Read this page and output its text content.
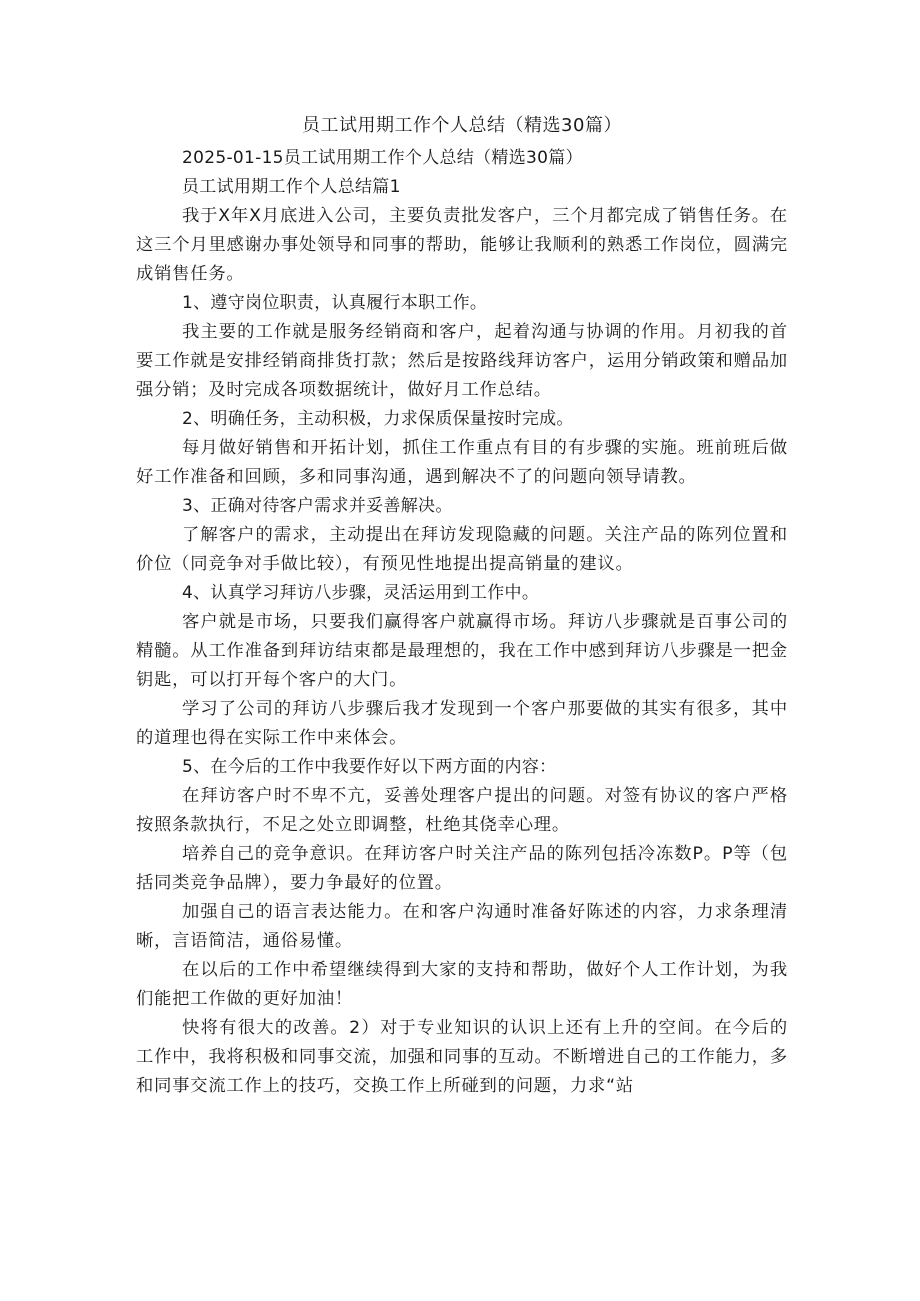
员工试用期工作个人总结（精选30篇）

2025-01-15员工试用期工作个人总结（精选30篇）

员工试用期工作个人总结篇1

我于X年X月底进入公司，主要负责批发客户，三个月都完成了销售任务。在这三个月里感谢办事处领导和同事的帮助，能够让我顺利的熟悉工作岗位，圆满完成销售任务。

1、遵守岗位职责，认真履行本职工作。

我主要的工作就是服务经销商和客户，起着沟通与协调的作用。月初我的首要工作就是安排经销商排货打款；然后是按路线拜访客户，运用分销政策和赠品加强分销；及时完成各项数据统计，做好月工作总结。

2、明确任务，主动积极，力求保质保量按时完成。

每月做好销售和开拓计划，抓住工作重点有目的有步骤的实施。班前班后做好工作准备和回顾，多和同事沟通，遇到解决不了的问题向领导请教。

3、正确对待客户需求并妥善解决。

了解客户的需求，主动提出在拜访发现隐藏的问题。关注产品的陈列位置和价位（同竞争对手做比较），有预见性地提出提高销量的建议。

4、认真学习拜访八步骤，灵活运用到工作中。

客户就是市场，只要我们赢得客户就赢得市场。拜访八步骤就是百事公司的精髓。从工作准备到拜访结束都是最理想的，我在工作中感到拜访八步骤是一把金钥匙，可以打开每个客户的大门。

学习了公司的拜访八步骤后我才发现到一个客户那要做的其实有很多，其中的道理也得在实际工作中来体会。

5、在今后的工作中我要作好以下两方面的内容：

在拜访客户时不卑不亢，妥善处理客户提出的问题。对签有协议的客户严格按照条款执行，不足之处立即调整，杜绝其侥幸心理。

培养自己的竞争意识。在拜访客户时关注产品的陈列包括冷冻数P。P等（包括同类竞争品牌），要力争最好的位置。

加强自己的语言表达能力。在和客户沟通时准备好陈述的内容，力求条理清晰，言语简洁，通俗易懂。

在以后的工作中希望继续得到大家的支持和帮助，做好个人工作计划，为我们能把工作做的更好加油！

快将有很大的改善。2）对于专业知识的认识上还有上升的空间。在今后的工作中，我将积极和同事交流，加强和同事的互动。不断增进自己的工作能力，多和同事交流工作上的技巧，交换工作上所碰到的问题，力求“站
